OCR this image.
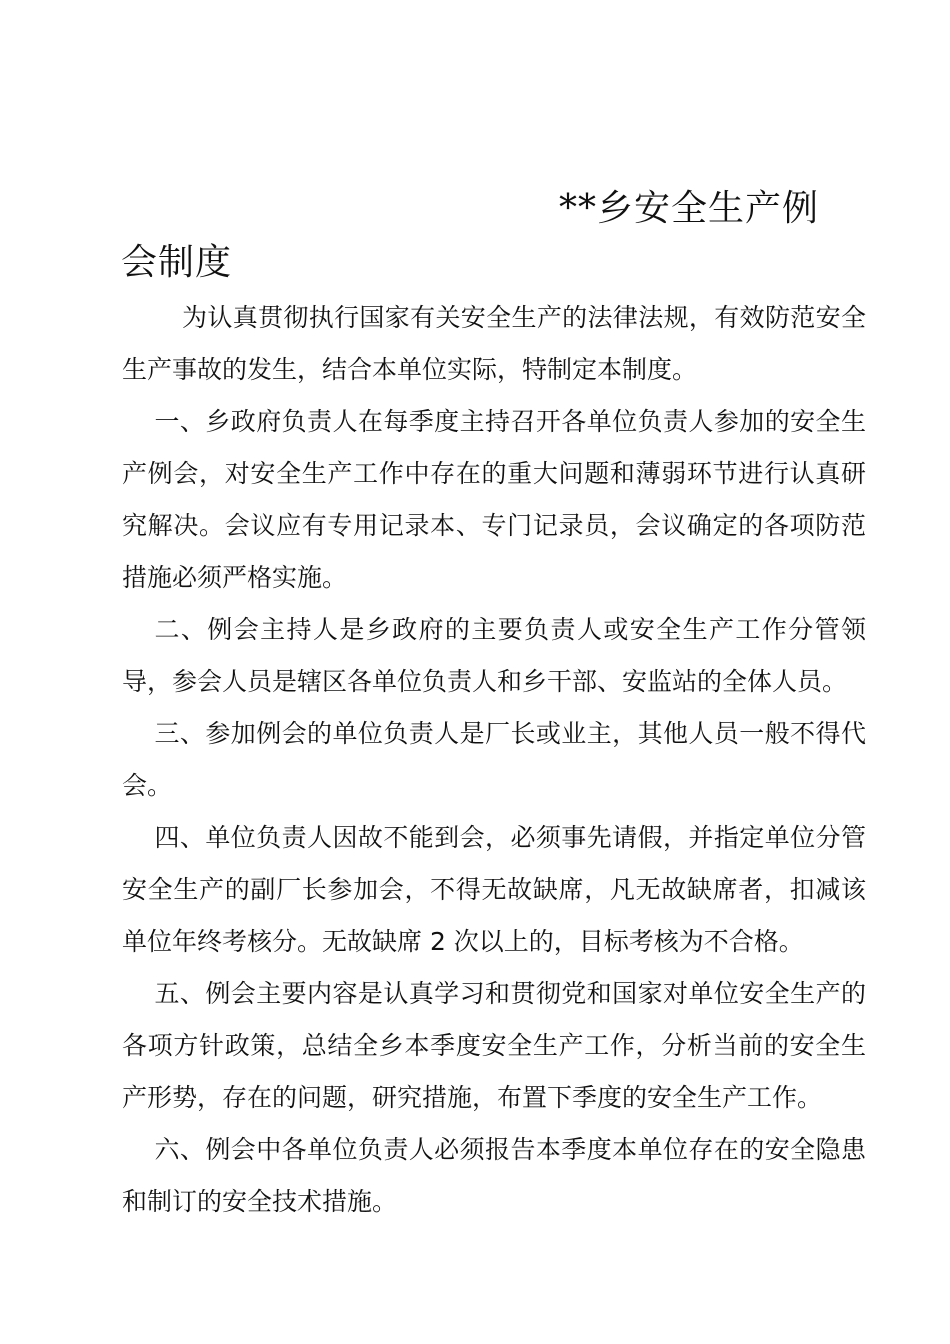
**乡安全生产例会制度

为认真贯彻执行国家有关安全生产的法律法规，有效防范安全生产事故的发生，结合本单位实际，特制定本制度。

一、乡政府负责人在每季度主持召开各单位负责人参加的安全生产例会，对安全生产工作中存在的重大问题和薄弱环节进行认真研究解决。会议应有专用记录本、专门记录员，会议确定的各项防范措施必须严格实施。

二、例会主持人是乡政府的主要负责人或安全生产工作分管领导，参会人员是辖区各单位负责人和乡干部、安监站的全体人员。

三、参加例会的单位负责人是厂长或业主，其他人员一般不得代会。

四、单位负责人因故不能到会，必须事先请假，并指定单位分管安全生产的副厂长参加会，不得无故缺席，凡无故缺席者，扣减该单位年终考核分。无故缺席 2 次以上的，目标考核为不合格。

五、例会主要内容是认真学习和贯彻党和国家对单位安全生产的各项方针政策，总结全乡本季度安全生产工作，分析当前的安全生产形势，存在的问题，研究措施，布置下季度的安全生产工作。

六、例会中各单位负责人必须报告本季度本单位存在的安全隐患和制订的安全技术措施。
